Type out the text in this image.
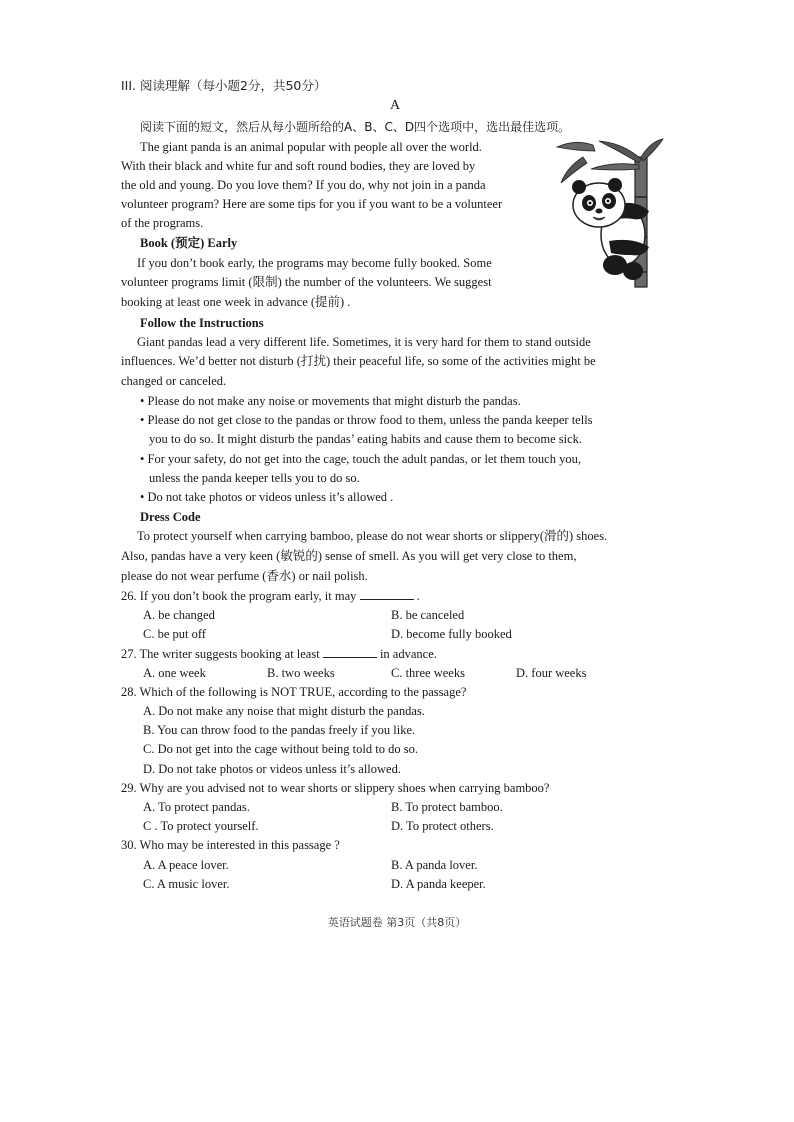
III. 阅读理解（每小题2分，共50分）
A
阅读下面的短文，然后从每小题所给的A、B、C、D四个选项中，选出最佳选项。
The giant panda is an animal popular with people all over the world.
With their black and white fur and soft round bodies, they are loved by
the old and young. Do you love them? If you do, why not join in a panda
volunteer program? Here are some tips for you if you want to be a volunteer
of the programs.
Book (预定) Early
If you don’t book early, the programs may become fully booked. Some
volunteer programs limit (限制) the number of the volunteers. We suggest
booking at least one week in advance (提前) .
Follow the Instructions
Giant pandas lead a very different life. Sometimes, it is very hard for them to stand outside
influences. We’d better not disturb (打扰) their peaceful life, so some of the activities might be
changed or canceled.
• Please do not make any noise or movements that might disturb the pandas.
• Please do not get close to the pandas or throw food to them, unless the panda keeper tells
you to do so. It might disturb the pandas’ eating habits and cause them to become sick.
• For your safety, do not get into the cage, touch the adult pandas, or let them touch you,
unless the panda keeper tells you to do so.
• Do not take photos or videos unless it’s allowed .
Dress Code
To protect yourself when carrying bamboo, please do not wear shorts or slippery(滑的) shoes.
Also, pandas have a very keen (敏锐的) sense of smell. As you will get very close to them,
please do not wear perfume (香水) or nail polish.
26. If you don’t book the program early, it may	.
A. be changed	B. be canceled
C. be put off	D. become fully booked
27. The writer suggests booking at least	in advance.
A. one week	B. two weeks	C. three weeks	D. four weeks
28. Which of the following is NOT TRUE, according to the passage?
A. Do not make any noise that might disturb the pandas.
B. You can throw food to the pandas freely if you like.
C. Do not get into the cage without being told to do so.
D. Do not take photos or videos unless it’s allowed.
29. Why are you advised not to wear shorts or slippery shoes when carrying bamboo?
A. To protect pandas.	B. To protect bamboo.
C . To protect yourself.	D. To protect others.
30. Who may be interested in this passage ?
A. A peace lover.	B. A panda lover.
C. A music lover.	D. A panda keeper.
英语试题卷 第3页（共8页）
